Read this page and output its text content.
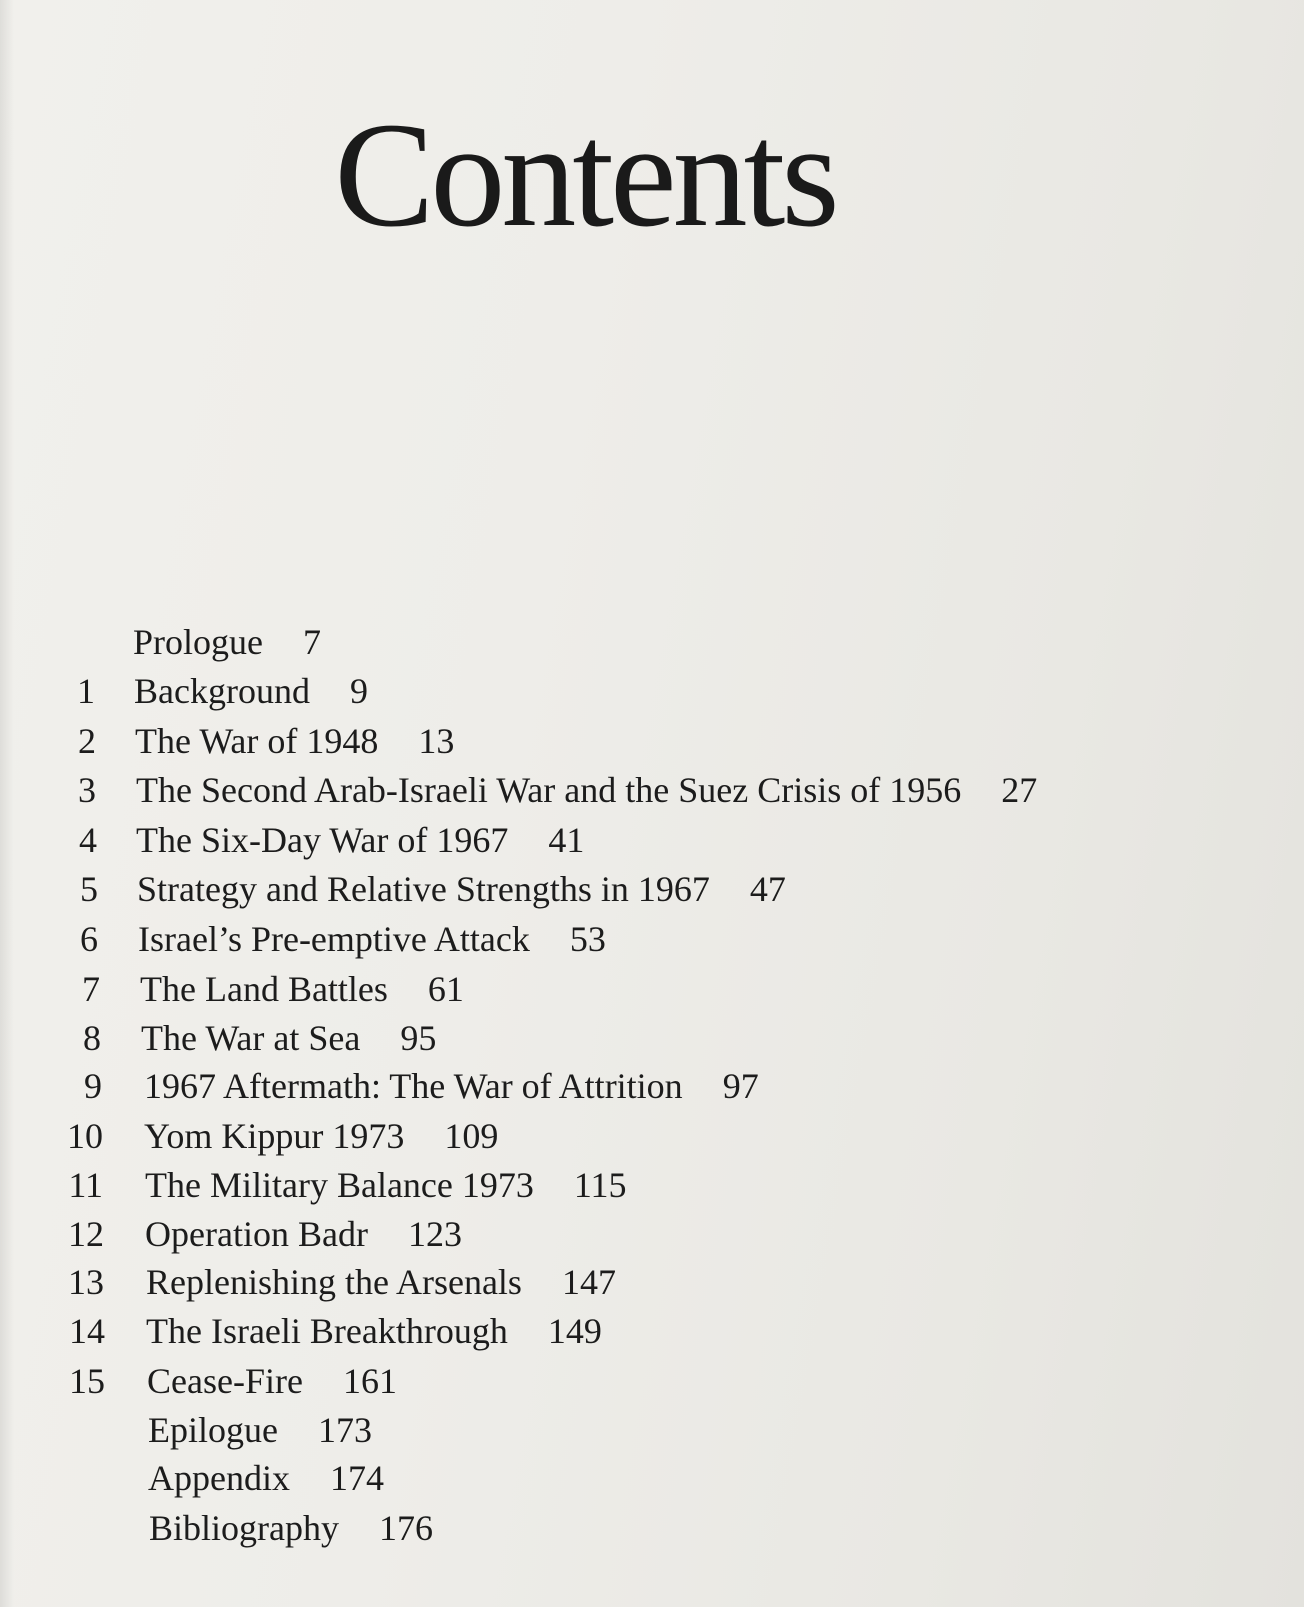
Contents
Prologue 7
1 Background 9
2 The War of 1948 13
3 The Second Arab-Israeli War and the Suez Crisis of 1956 27
4 The Six-Day War of 1967 41
5 Strategy and Relative Strengths in 1967 47
6 Israel’s Pre-emptive Attack 53
7 The Land Battles 61
8 The War at Sea 95
9 1967 Aftermath: The War of Attrition 97
10 Yom Kippur 1973 109
11 The Military Balance 1973 115
12 Operation Badr 123
13 Replenishing the Arsenals 147
14 The Israeli Breakthrough 149
15 Cease-Fire 161
Epilogue 173
Appendix 174
Bibliography 176
